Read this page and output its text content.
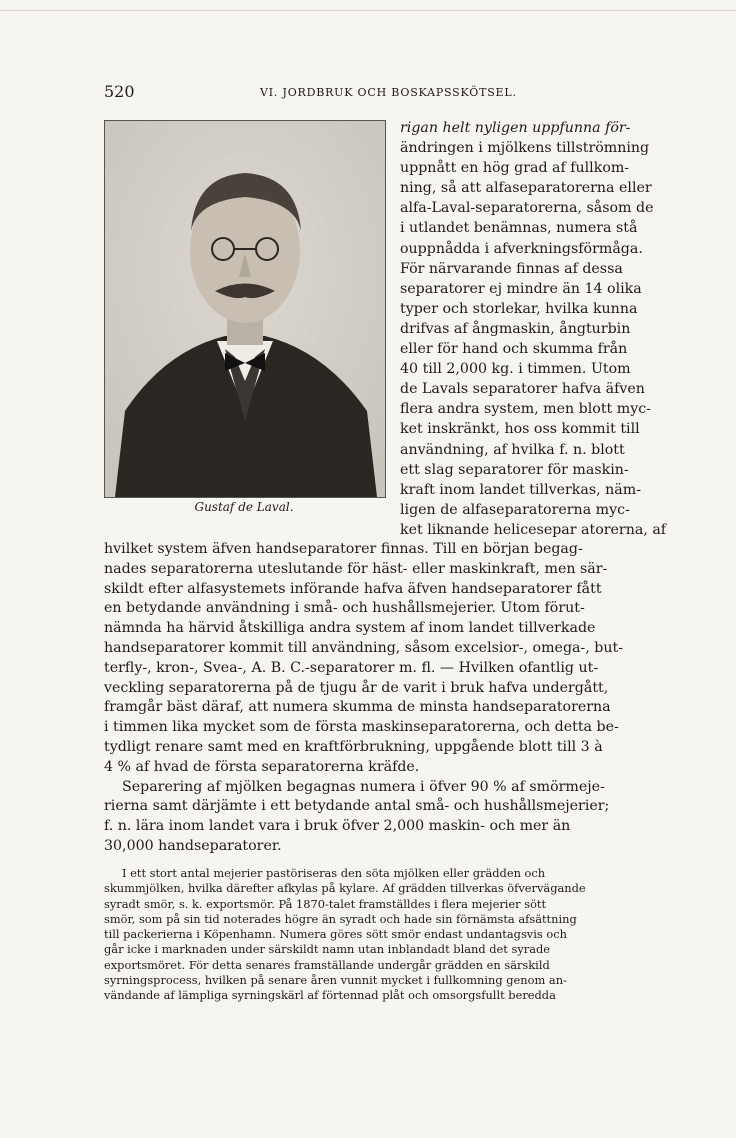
520	VI. JORDBRUK OCH BOSKAPSSKÖTSEL.
Gustaf de Laval.
rigan helt nyligen uppfunna för-
ändringen i mjölkens tillströmning
uppnått en hög grad af fullkom-
ning, så att alfaseparatorerna eller
alfa-Laval-separatorerna, såsom de
i utlandet benämnas, numera stå
ouppnådda i afverkningsförmåga.
För närvarande finnas af dessa
separatorer ej mindre än 14 olika
typer och storlekar, hvilka kunna
drifvas af ångmaskin, ångturbin
eller för hand och skumma från
40 till 2,000 kg. i timmen. Utom
de Lavals separatorer hafva äfven
flera andra system, men blott myc-
ket inskränkt, hos oss kommit till
användning, af hvilka f. n. blott
ett slag separatorer för maskin-
kraft inom landet tillverkas, näm-
ligen de alfaseparatorerna myc-
ket liknande helicesepar atorerna, af
hvilket system äfven handseparatorer finnas. Till en början begag-
nades separatorerna uteslutande för häst- eller maskinkraft, men sär-
skildt efter alfasystemets införande hafva äfven handseparatorer fått
en betydande användning i små- och hushållsmejerier. Utom förut-
nämnda ha härvid åtskilliga andra system af inom landet tillverkade
handseparatorer kommit till användning, såsom excelsior-, omega-, but-
terfly-, kron-, Svea-, A. B. C.-separatorer m. fl. — Hvilken ofantlig ut-
veckling separatorerna på de tjugu år de varit i bruk hafva undergått,
framgår bäst däraf, att numera skumma de minsta handseparatorerna
i timmen lika mycket som de första maskinseparatorerna, och detta be-
tydligt renare samt med en kraftförbrukning, uppgående blott till 3 à
4 % af hvad de första separatorerna kräfde.
Separering af mjölken begagnas numera i öfver 90 % af smörmeje-
rierna samt därjämte i ett betydande antal små- och hushållsmejerier;
f. n. lära inom landet vara i bruk öfver 2,000 maskin- och mer än
30,000 handseparatorer.
I ett stort antal mejerier pastöriseras den söta mjölken eller grädden och
skummjölken, hvilka därefter afkylas på kylare. Af grädden tillverkas öfvervägande
syradt smör, s. k. exportsmör. På 1870-talet framställdes i flera mejerier sött
smör, som på sin tid noterades högre än syradt och hade sin förnämsta afsättning
till packerierna i Köpenhamn. Numera göres sött smör endast undantagsvis och
går icke i marknaden under särskildt namn utan inblandadt bland det syrade
exportsmöret. För detta senares framställande undergår grädden en särskild
syrningsprocess, hvilken på senare åren vunnit mycket i fullkomning genom an-
vändande af lämpliga syrningskärl af förtennad plåt och omsorgsfullt beredda
